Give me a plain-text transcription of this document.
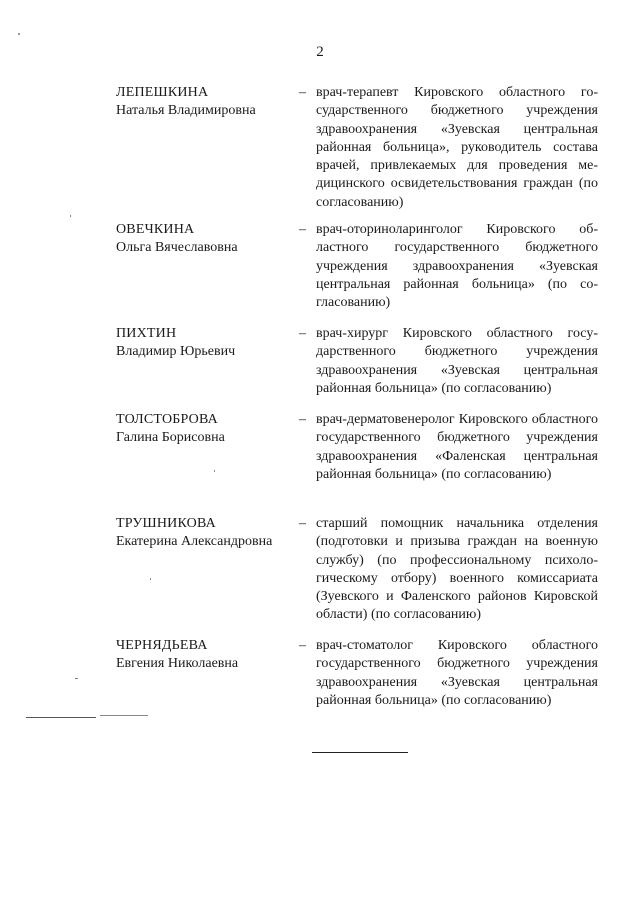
2
ЛЕПЕШКИНА
Наталья Владимировна
– врач-терапевт Кировского областного государственного бюджетного учреждения здравоохранения «Зуевская центральная районная больница», руководитель состава врачей, привлекаемых для проведения медицинского освидетельствования граждан (по согласованию)
ОВЕЧКИНА
Ольга Вячеславовна
– врач-оториноларинголог Кировского областного государственного бюджетного учреждения здравоохранения «Зуевская центральная районная больница» (по согласованию)
ПИХТИН
Владимир Юрьевич
– врач-хирург Кировского областного государственного бюджетного учреждения здравоохранения «Зуевская центральная районная больница» (по согласованию)
ТОЛСТОБРОВА
Галина Борисовна
– врач-дерматовенеролог Кировского областного государственного бюджетного учреждения здравоохранения «Фаленская центральная районная больница» (по согласованию)
ТРУШНИКОВА
Екатерина Александровна
– старший помощник начальника отделения (подготовки и призыва граждан на военную службу) (по профессиональному психологическому отбору) военного комиссариата (Зуевского и Фаленского районов Кировской области) (по согласованию)
ЧЕРНЯДЬЕВА
Евгения Николаевна
– врач-стоматолог Кировского областного государственного бюджетного учреждения здравоохранения «Зуевская центральная районная больница» (по согласованию)
